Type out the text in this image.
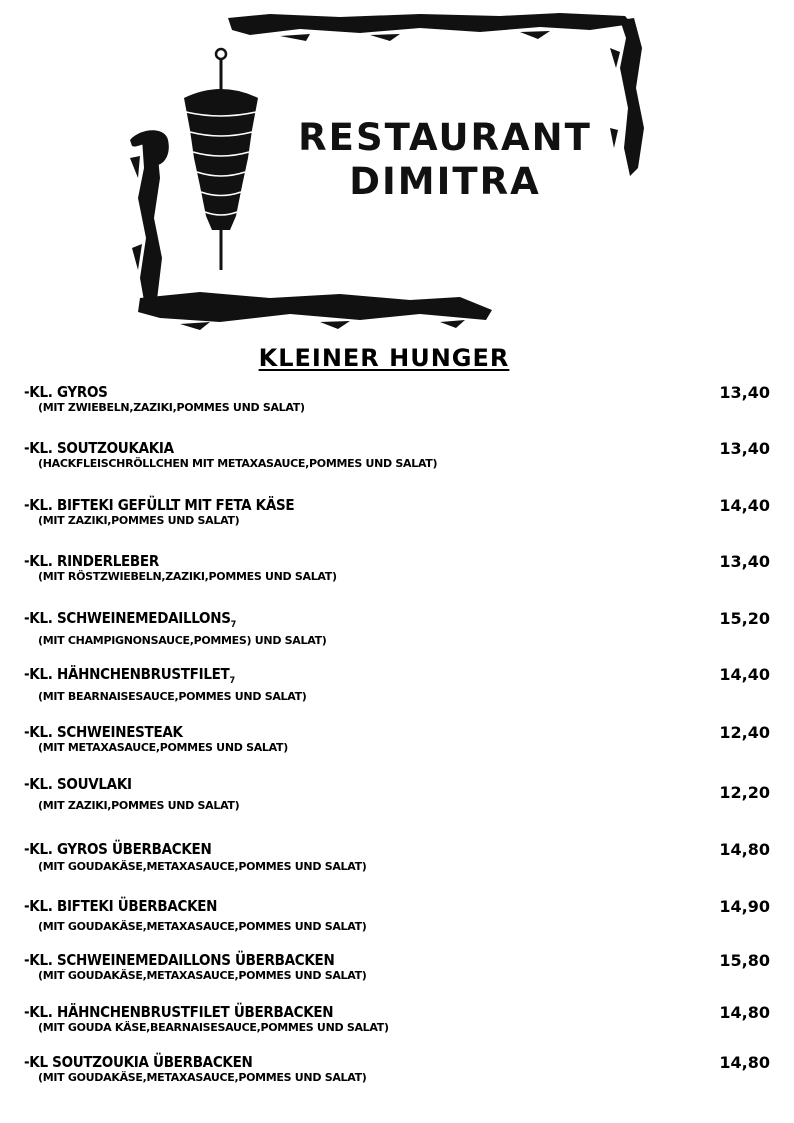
RESTAURANT
DIMITRA
KLEINER HUNGER
-KL. GYROS
(MIT ZWIEBELN,ZAZIKI,POMMES UND SALAT)
13,40
-KL. SOUTZOUKAKIA
(HACKFLEISCHRÖLLCHEN MIT METAXASAUCE,POMMES UND SALAT)
13,40
-KL. BIFTEKI GEFÜLLT MIT FETA KÄSE
(MIT ZAZIKI,POMMES UND SALAT)
14,40
-KL. RINDERLEBER
(MIT RÖSTZWIEBELN,ZAZIKI,POMMES UND SALAT)
13,40
-KL. $SCHWEINEMEDAILLONS_7$
(MIT CHAMPIGNONSAUCE,POMMES) UND SALAT)
15,20
-KL. $HÄHNCHENBRUSTFILET_7$
(MIT BEARNAISESAUCE,POMMES UND SALAT)
14,40
-KL. SCHWEINESTEAK
(MIT METAXASAUCE,POMMES UND SALAT)
12,40
-KL. SOUVLAKI
(MIT ZAZIKI,POMMES UND SALAT)
12,20
-KL. GYROS ÜBERBACKEN
(MIT GOUDAKÄSE,METAXASAUCE,POMMES UND SALAT)
14,80
-KL. BIFTEKI ÜBERBACKEN
(MIT GOUDAKÄSE,METAXASAUCE,POMMES UND SALAT)
14,90
-KL. SCHWEINEMEDAILLONS ÜBERBACKEN
(MIT GOUDAKÄSE,METAXASAUCE,POMMES UND SALAT)
15,80
-KL. HÄHNCHENBRUSTFILET ÜBERBACKEN
(MIT GOUDA KÄSE,BEARNAISESAUCE,POMMES UND SALAT)
14,80
-KL SOUTZOUKIA ÜBERBACKEN
(MIT GOUDAKÄSE,METAXASAUCE,POMMES UND SALAT)
14,80
